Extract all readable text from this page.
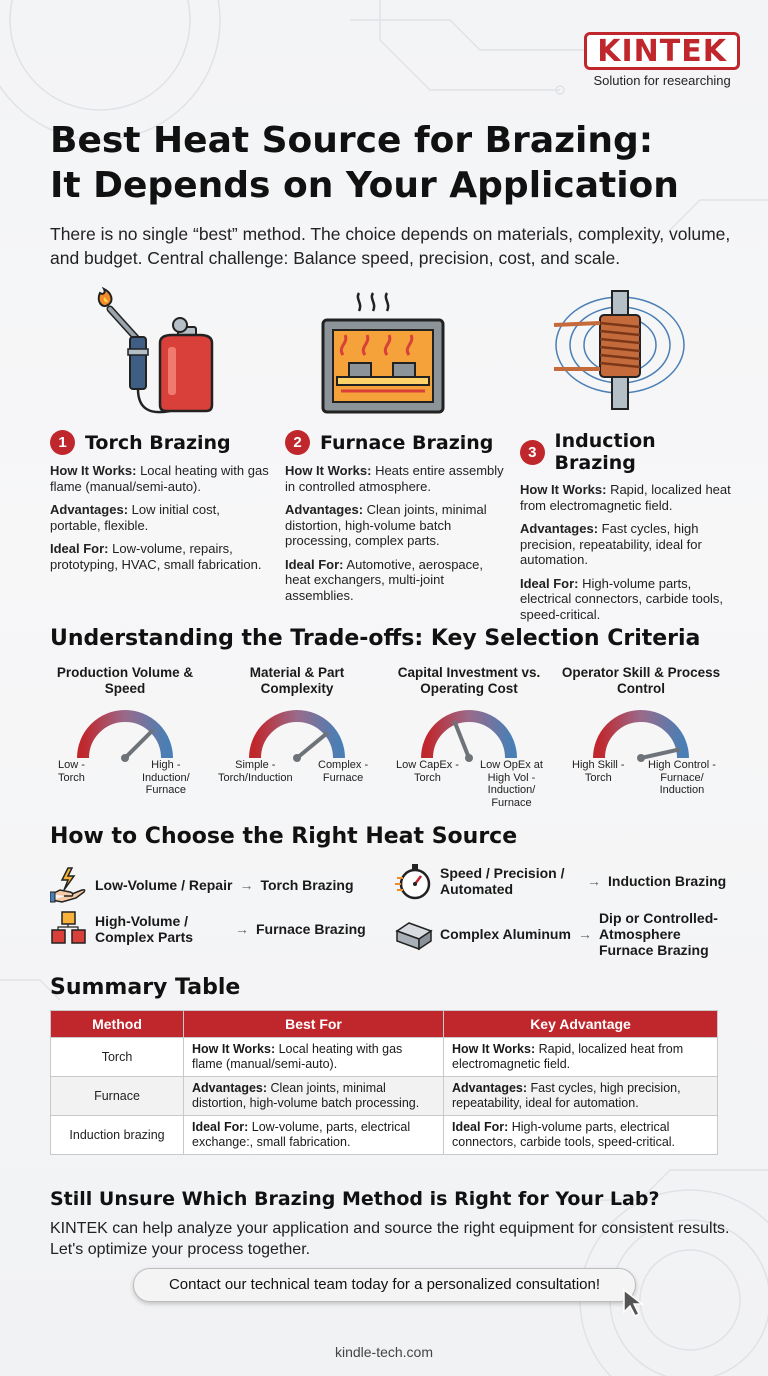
KINTEK
Solution for researching
Best Heat Source for Brazing:
It Depends on Your Application
There is no single “best” method. The choice depends on materials, complexity, volume, and budget. Central challenge: Balance speed, precision, cost, and scale.
1 Torch Brazing
How It Works: Local heating with gas flame (manual/semi-auto).
Advantages: Low initial cost, portable, flexible.
Ideal For: Low-volume, repairs, prototyping, HVAC, small fabrication.
2 Furnace Brazing
How It Works: Heats entire assembly in controlled atmosphere.
Advantages: Clean joints, minimal distortion, high-volume batch processing, complex parts.
Ideal For: Automotive, aerospace, heat exchangers, multi-joint assemblies.
3 Induction Brazing
How It Works: Rapid, localized heat from electromagnetic field.
Advantages: Fast cycles, high precision, repeatability, ideal for automation.
Ideal For: High-volume parts, electrical connectors, carbide tools, speed-critical.
Understanding the Trade-offs: Key Selection Criteria
Production Volume & Speed
Low -
Torch
High -
Induction/
Furnace
Material & Part Complexity
Simple -
Torch/Induction
Complex -
Furnace
Capital Investment vs. Operating Cost
Low CapEx -
Torch
Low OpEx at
High Vol -
Induction/
Furnace
Operator Skill & Process Control
High Skill -
Torch
High Control -
Furnace/
Induction
How to Choose the Right Heat Source
Low-Volume / Repair → Torch Brazing
Speed / Precision / Automated	→ Induction Brazing
High-Volume / Complex Parts	→ Furnace Brazing	Complex Aluminum →
Dip or Controlled-Atmosphere Furnace Brazing
Summary Table
Method	Best For	Key Advantage
Torch	How It Works: Local heating with gas flame (manual/semi-auto).	How It Works: Rapid, localized heat from electromagnetic field.
Furnace	Advantages: Clean joints, minimal distortion, high-volume batch processing.	Advantages: Fast cycles, high precision, repeatability, ideal for automation.
Induction brazing	Ideal For: Low-volume, parts, electrical exchange:, small fabrication.	Ideal For: High-volume parts, electrical connectors, carbide tools, speed-critical.
Still Unsure Which Brazing Method is Right for Your Lab?
KINTEK can help analyze your application and source the right equipment for consistent results. Let's optimize your process together.
Contact our technical team today for a personalized consultation!
kindle-tech.com
